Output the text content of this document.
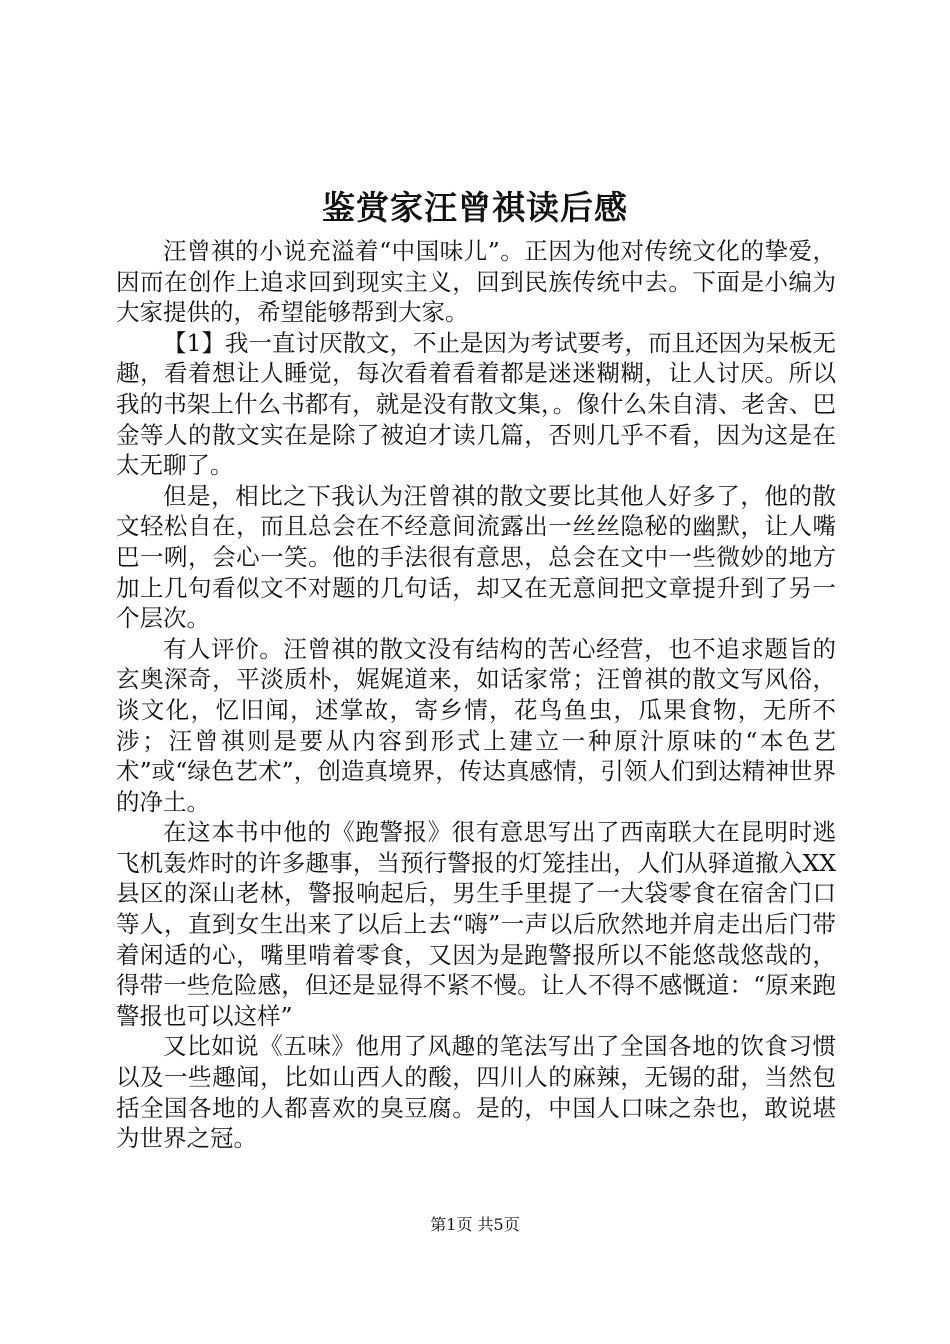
鉴赏家汪曾祺读后感

汪曾祺的小说充溢着“中国味儿”。正因为他对传统文化的挚爱，因而在创作上追求回到现实主义，回到民族传统中去。下面是小编为大家提供的，希望能够帮到大家。

【1】我一直讨厌散文，不止是因为考试要考，而且还因为呆板无趣，看着想让人睡觉，每次看着看着都是迷迷糊糊，让人讨厌。所以我的书架上什么书都有，就是没有散文集，。像什么朱自清、老舍、巴金等人的散文实在是除了被迫才读几篇，否则几乎不看，因为这是在太无聊了。

但是，相比之下我认为汪曾祺的散文要比其他人好多了，他的散文轻松自在，而且总会在不经意间流露出一丝丝隐秘的幽默，让人嘴巴一咧，会心一笑。他的手法很有意思，总会在文中一些微妙的地方加上几句看似文不对题的几句话，却又在无意间把文章提升到了另一个层次。

有人评价。汪曾祺的散文没有结构的苦心经营，也不追求题旨的玄奥深奇，平淡质朴，娓娓道来，如话家常；汪曾祺的散文写风俗，谈文化，忆旧闻，述掌故，寄乡情，花鸟鱼虫，瓜果食物，无所不涉；汪曾祺则是要从内容到形式上建立一种原汁原味的“本色艺术”或“绿色艺术”，创造真境界，传达真感情，引领人们到达精神世界的净土。

在这本书中他的《跑警报》很有意思写出了西南联大在昆明时逃飞机轰炸时的许多趣事，当预行警报的灯笼挂出，人们从驿道撤入XX县区的深山老林，警报响起后，男生手里提了一大袋零食在宿舍门口等人，直到女生出来了以后上去“嗨”一声以后欣然地并肩走出后门带着闲适的心，嘴里啃着零食，又因为是跑警报所以不能悠哉悠哉的，得带一些危险感，但还是显得不紧不慢。让人不得不感慨道：“原来跑警报也可以这样”

又比如说《五味》他用了风趣的笔法写出了全国各地的饮食习惯以及一些趣闻，比如山西人的酸，四川人的麻辣，无锡的甜，当然包括全国各地的人都喜欢的臭豆腐。是的，中国人口味之杂也，敢说堪为世界之冠。

第1页 共5页
